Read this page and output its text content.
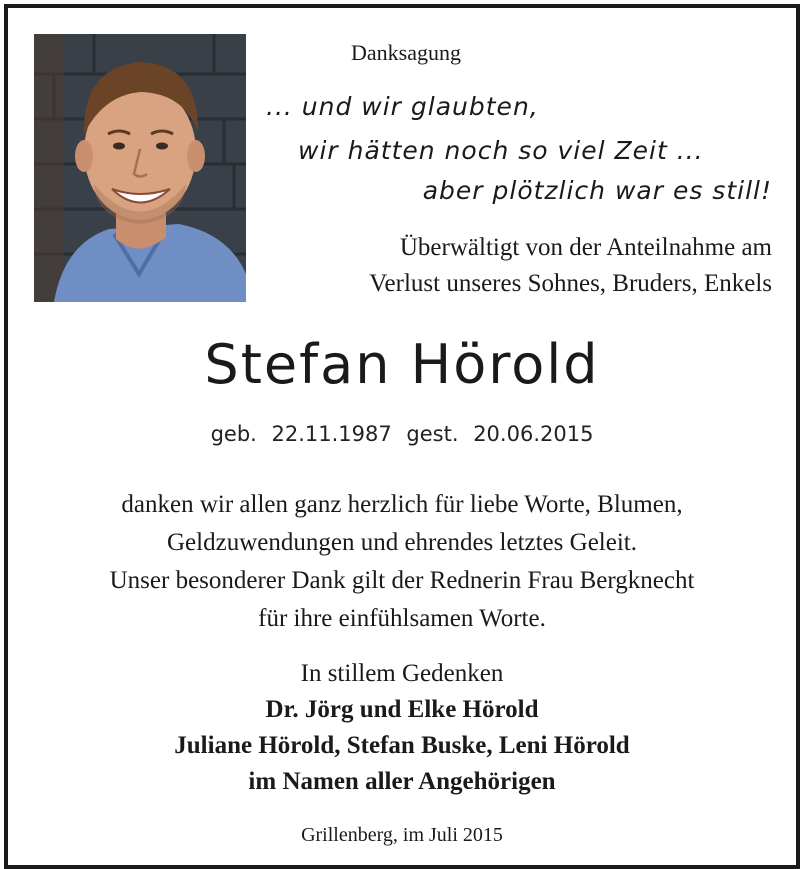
Danksagung
... und wir glaubten,
wir hätten noch so viel Zeit ...
aber plötzlich war es still!
Überwältigt von der Anteilnahme am
Verlust unseres Sohnes, Bruders, Enkels
Stefan Hörold
geb. 22.11.1987 gest. 20.06.2015
danken wir allen ganz herzlich für liebe Worte, Blumen,
Geldzuwendungen und ehrendes letztes Geleit.
Unser besonderer Dank gilt der Rednerin Frau Bergknecht
für ihre einfühlsamen Worte.
In stillem Gedenken
Dr. Jörg und Elke Hörold
Juliane Hörold, Stefan Buske, Leni Hörold
im Namen aller Angehörigen
Grillenberg, im Juli 2015
